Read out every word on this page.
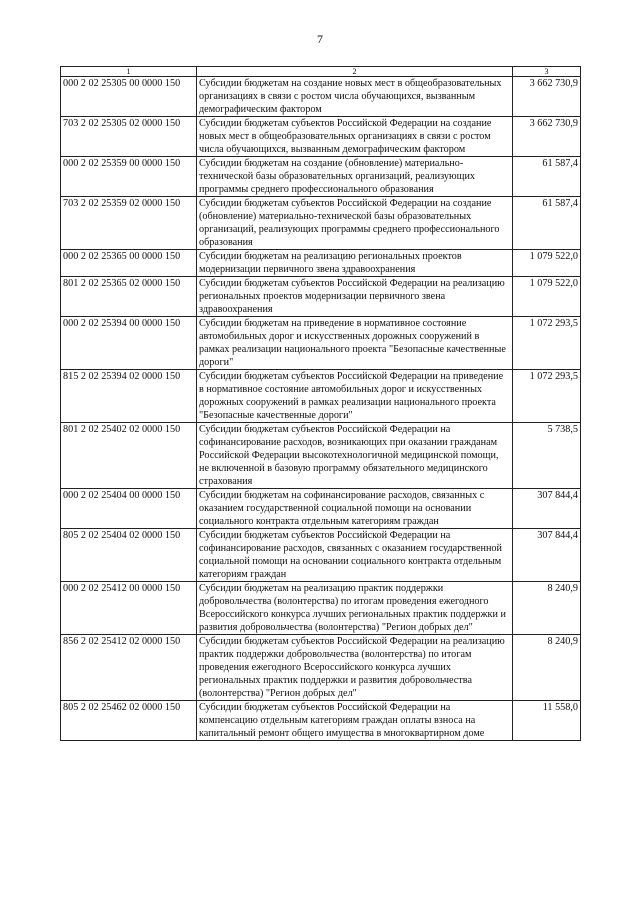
7
1	2	3
000 2 02 25305 00 0000 150	Субсидии бюджетам на создание новых мест в общеобразовательных организациях в связи с ростом числа обучающихся, вызванным демографическим фактором	3 662 730,9
703 2 02 25305 02 0000 150	Субсидии бюджетам субъектов Российской Федерации на создание новых мест в общеобразовательных организациях в связи с ростом числа обучающихся, вызванным демографическим фактором	3 662 730,9
000 2 02 25359 00 0000 150	Субсидии бюджетам на создание (обновление) материально-технической базы образовательных организаций, реализующих программы среднего профессионального образования	61 587,4
703 2 02 25359 02 0000 150	Субсидии бюджетам субъектов Российской Федерации на создание (обновление) материально-технической базы образовательных организаций, реализующих программы среднего профессионального образования	61 587,4
000 2 02 25365 00 0000 150	Субсидии бюджетам на реализацию региональных проектов модернизации первичного звена здравоохранения	1 079 522,0
801 2 02 25365 02 0000 150	Субсидии бюджетам субъектов Российской Федерации на реализацию региональных проектов модернизации первичного звена здравоохранения	1 079 522,0
000 2 02 25394 00 0000 150	Субсидии бюджетам на приведение в нормативное состояние автомобильных дорог и искусственных дорожных сооружений в рамках реализации национального проекта "Безопасные качественные дороги"	1 072 293,5
815 2 02 25394 02 0000 150	Субсидии бюджетам субъектов Российской Федерации на приведение в нормативное состояние автомобильных дорог и искусственных дорожных сооружений в рамках реализации национального проекта "Безопасные качественные дороги"	1 072 293,5
801 2 02 25402 02 0000 150	Субсидии бюджетам субъектов Российской Федерации на софинансирование расходов, возникающих при оказании гражданам Российской Федерации высокотехнологичной медицинской помощи, не включенной в базовую программу обязательного медицинского страхования	5 738,5
000 2 02 25404 00 0000 150	Субсидии бюджетам на софинансирование расходов, связанных с оказанием государственной социальной помощи на основании социального контракта отдельным категориям граждан	307 844,4
805 2 02 25404 02 0000 150	Субсидии бюджетам субъектов Российской Федерации на софинансирование расходов, связанных с оказанием государственной социальной помощи на основании социального контракта отдельным категориям граждан	307 844,4
000 2 02 25412 00 0000 150	Субсидии бюджетам на реализацию практик поддержки добровольчества (волонтерства) по итогам проведения ежегодного Всероссийского конкурса лучших региональных практик поддержки и развития добровольчества (волонтерства) "Регион добрых дел"	8 240,9
856 2 02 25412 02 0000 150	Субсидии бюджетам субъектов Российской Федерации на реализацию практик поддержки добровольчества (волонтерства) по итогам проведения ежегодного Всероссийского конкурса лучших региональных практик поддержки и развития добровольчества (волонтерства) "Регион добрых дел"	8 240,9
805 2 02 25462 02 0000 150	Субсидии бюджетам субъектов Российской Федерации на компенсацию отдельным категориям граждан оплаты взноса на капитальный ремонт общего имущества в многоквартирном доме	11 558,0
